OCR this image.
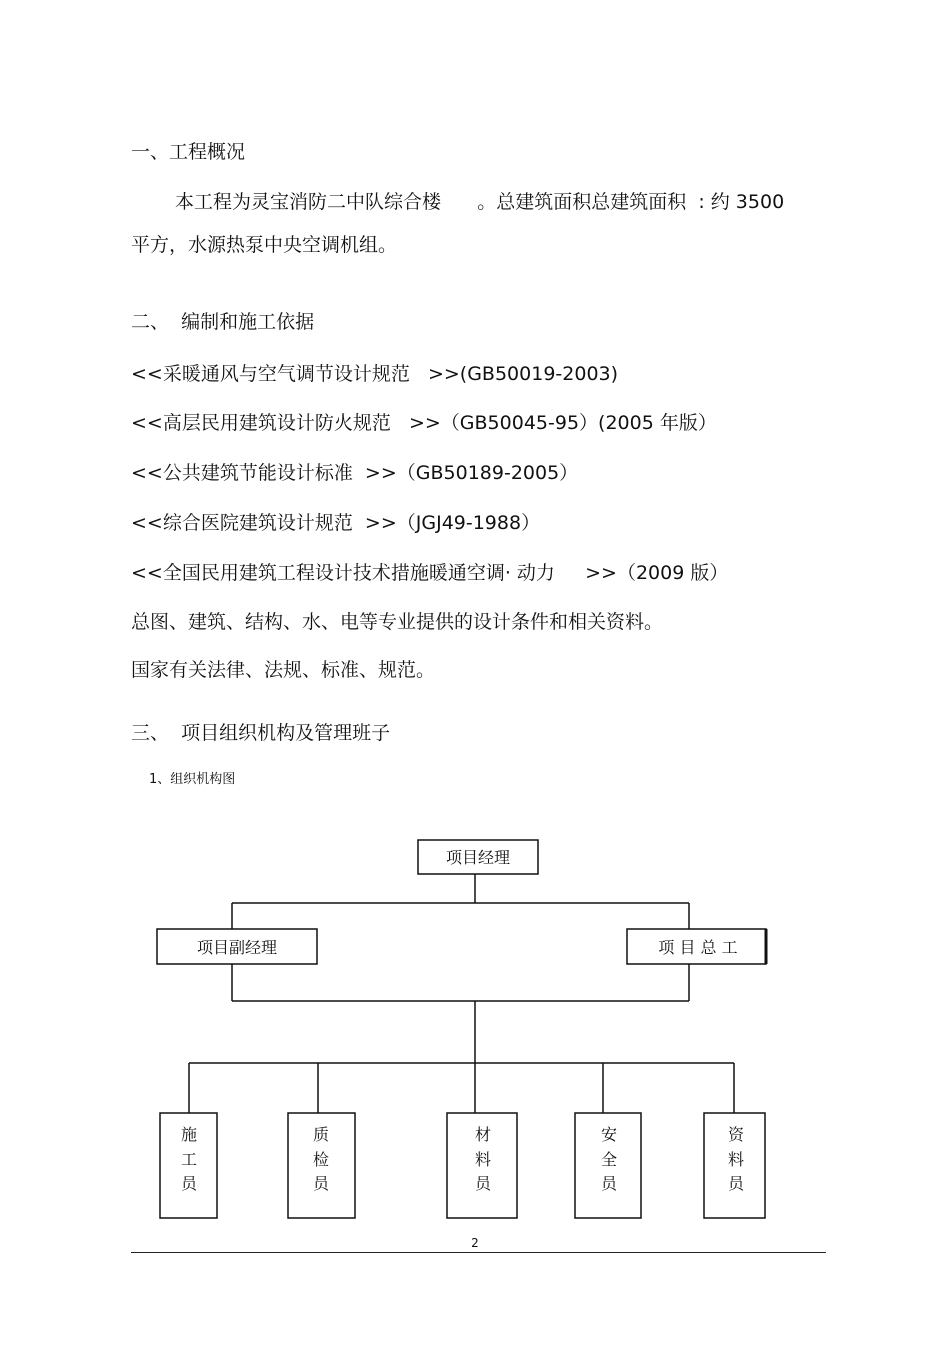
一、工程概况
本工程为灵宝消防二中队综合楼      。总建筑面积总建筑面积  : 约 3500
平方，水源热泵中央空调机组。
二、  编制和施工依据
<<采暖通风与空气调节设计规范   >>(GB50019-2003)
<<高层民用建筑设计防火规范   >>（GB50045-95）(2005 年版）
<<公共建筑节能设计标准  >>（GB50189-2005）
<<综合医院建筑设计规范  >>（JGJ49-1988）
<<全国民用建筑工程设计技术措施暖通空调· 动力     >>（2009 版）
总图、建筑、结构、水、电等专业提供的设计条件和相关资料。
国家有关法律、法规、标准、规范。
三、  项目组织机构及管理班子
1、组织机构图
项目经理
项目副经理	项 目 总 工
施
工
员
质
检
员
材
料
员
安
全
员
资
料
员
2
